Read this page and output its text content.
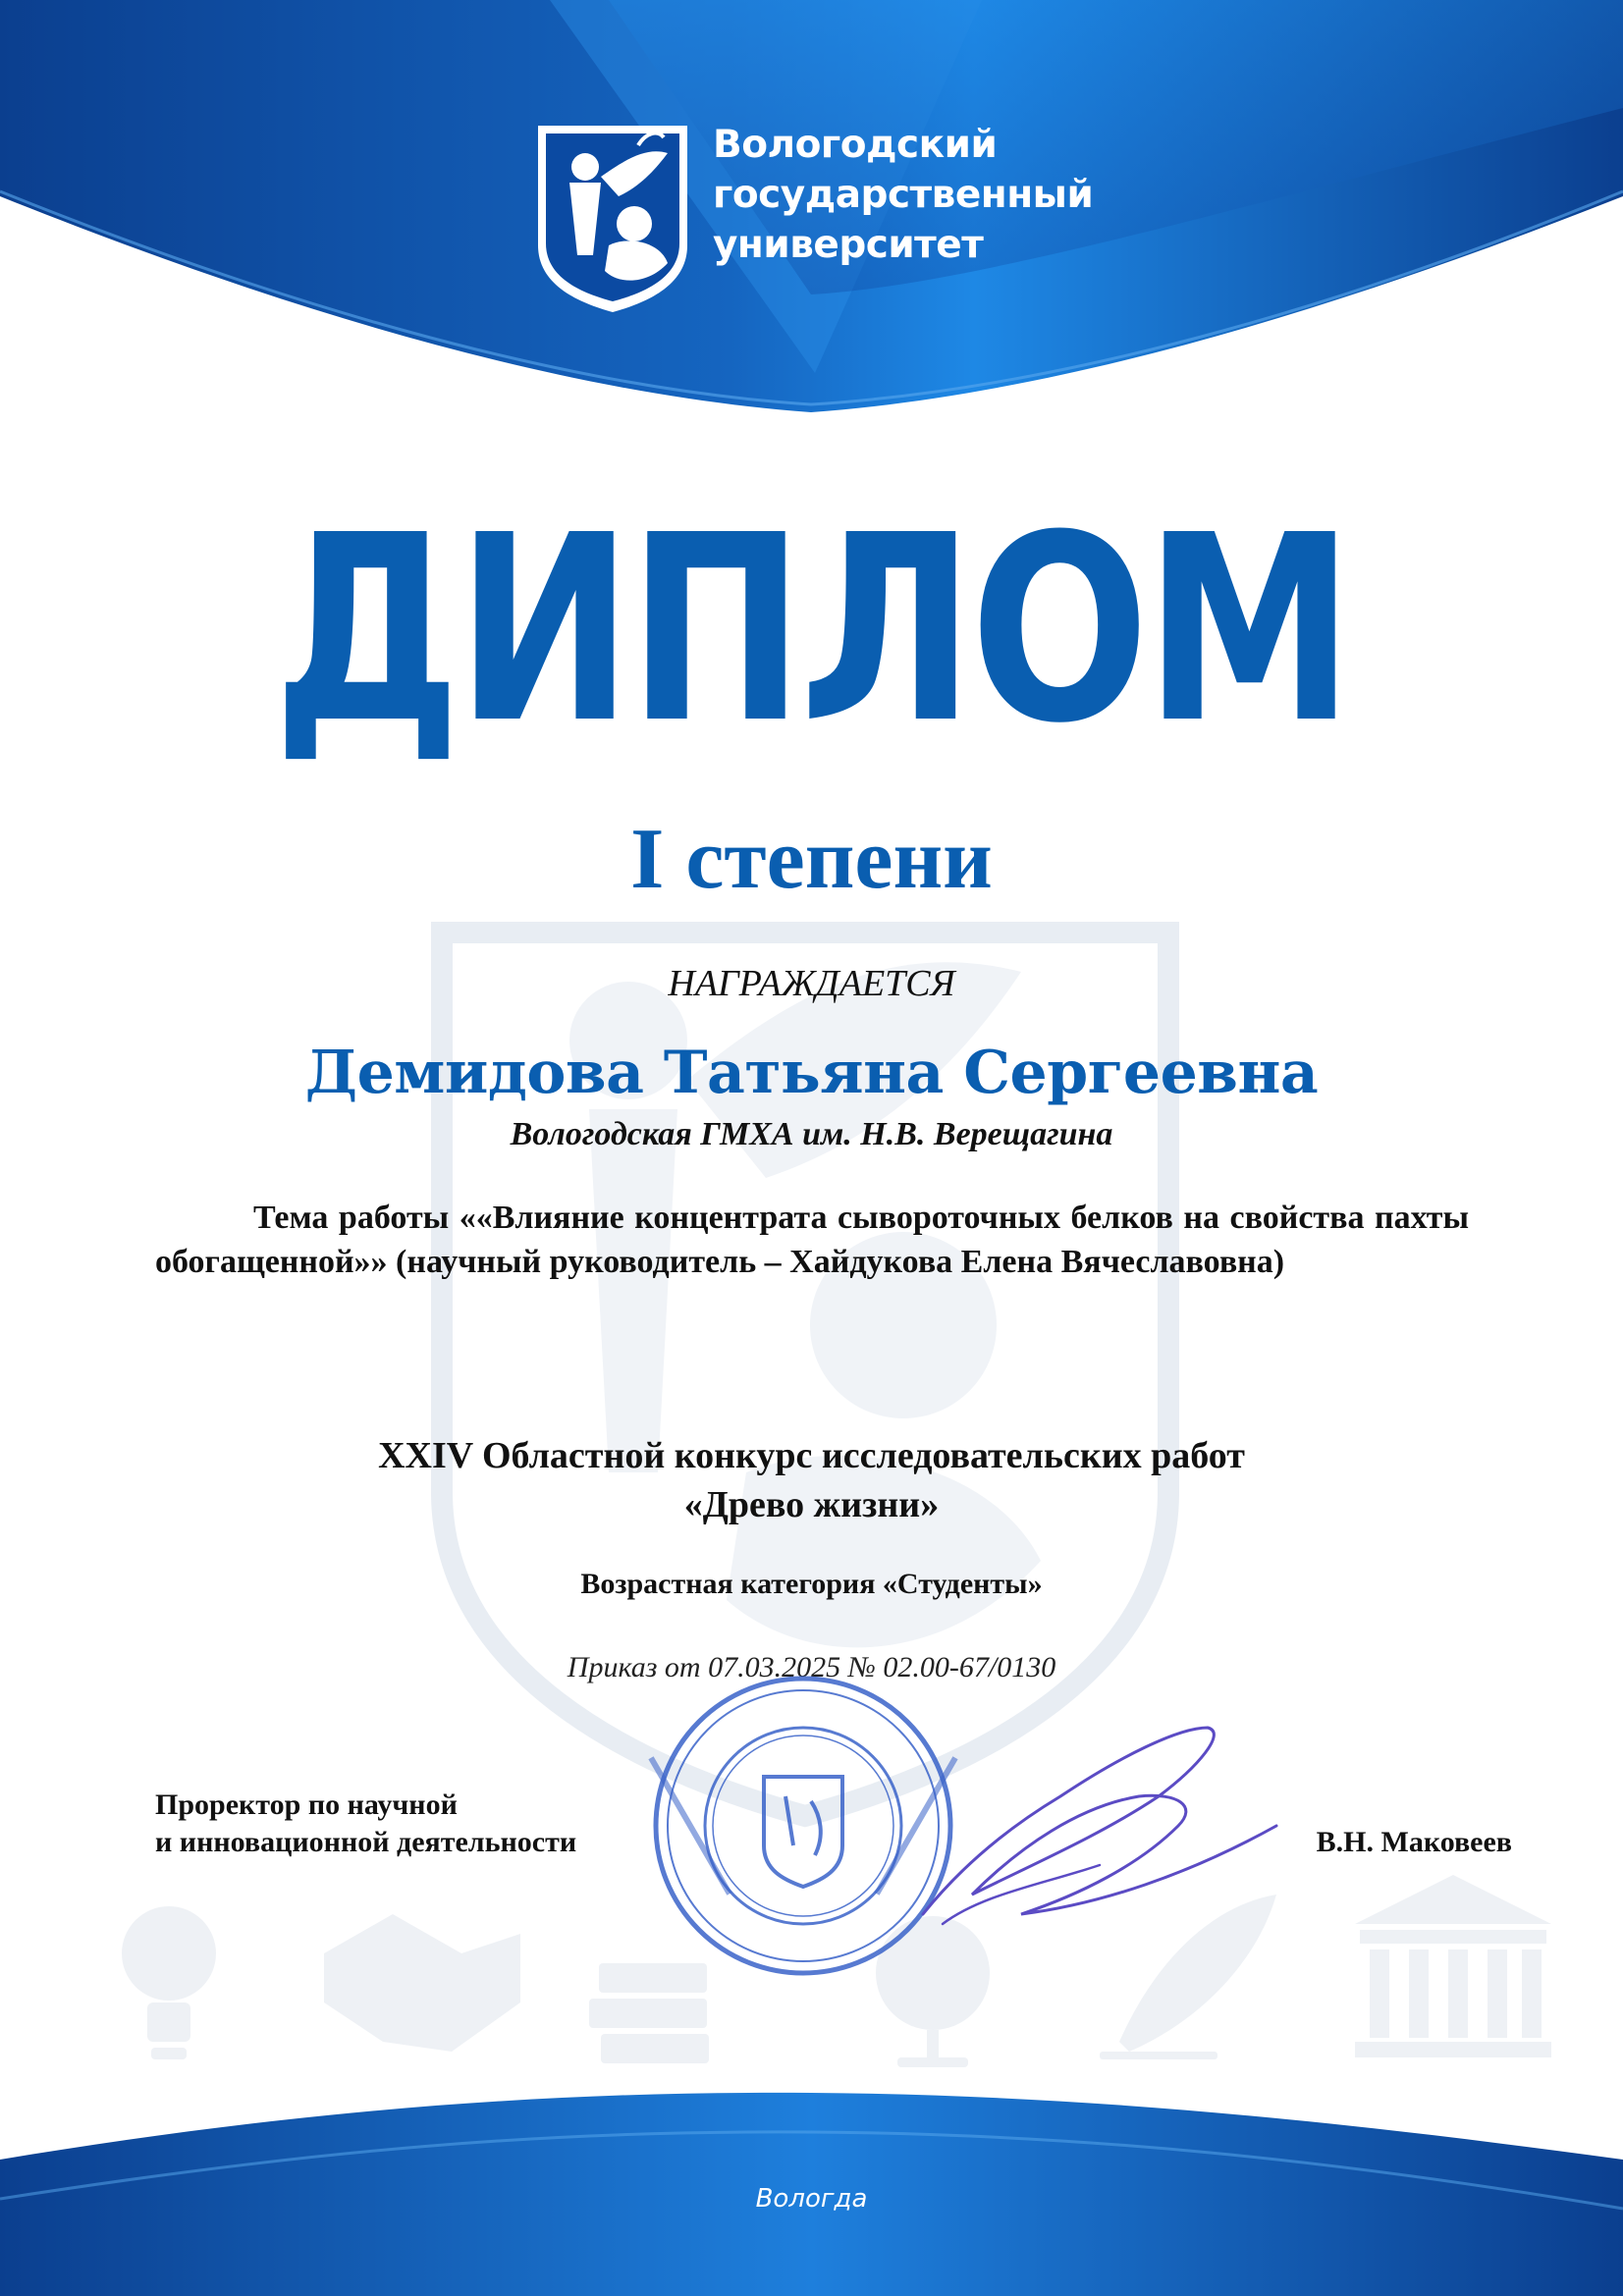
Вологодский
государственный
университет
ДИПЛОМ
I степени
НАГРАЖДАЕТСЯ
Демидова Татьяна Сергеевна
Вологодская ГМХА им. Н.В. Верещагина
Тема работы ««Влияние концентрата сывороточных белков на свойства пахты обогащенной»» (научный руководитель – Хайдукова Елена Вячеславовна)
XXIV Областной конкурс исследовательских работ
«Древо жизни»
Возрастная категория «Студенты»
Приказ от 07.03.2025 № 02.00-67/0130
Проректор по научной
и инновационной деятельности	В.Н. Маковеев
Вологда
